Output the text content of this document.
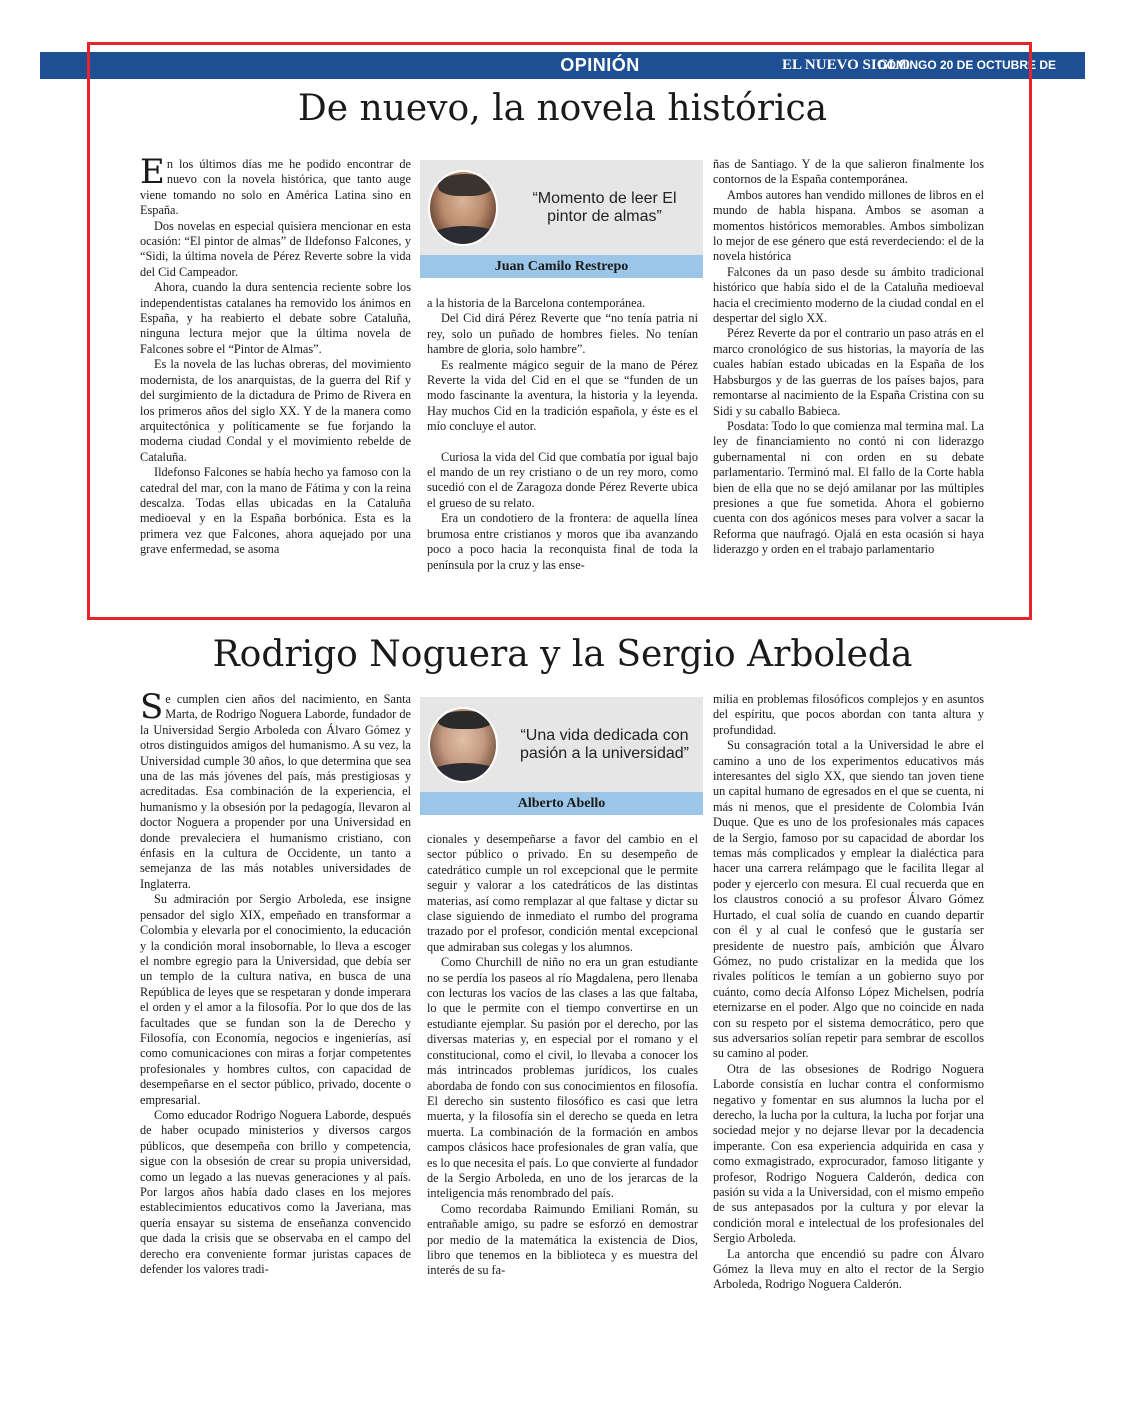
OPINIÓN	EL NUEVO SIGLO
DOMINGO 20 DE OCTUBRE DE 2019
13
De nuevo, la novela histórica

En los últimos días me he podido encontrar de nuevo con la novela histórica, que tanto auge viene tomando no solo en América Latina sino en España.

Dos novelas en especial quisiera mencionar en esta ocasión: “El pintor de almas” de Ildefonso Falcones, y “Sidi, la última novela de Pérez Reverte sobre la vida del Cid Campeador.

Ahora, cuando la dura sentencia reciente sobre los independentistas catalanes ha removido los ánimos en España, y ha reabierto el debate sobre Cataluña, ninguna lectura mejor que la última novela de Falcones sobre el “Pintor de Almas”.

Es la novela de las luchas obreras, del movimiento modernista, de los anarquistas, de la guerra del Rif y del surgimiento de la dictadura de Primo de Rivera en los primeros años del siglo XX. Y de la manera como arquitectónica y políticamente se fue forjando la moderna ciudad Condal y el movimiento rebelde de Cataluña.

Ildefonso Falcones se había hecho ya famoso con la catedral del mar, con la mano de Fátima y con la reina descalza. Todas ellas ubicadas en la Cataluña medioeval y en la España borbónica. Esta es la primera vez que Falcones, ahora aquejado por una grave enfermedad, se asoma

“Momento de leer El pintor de almas”
Juan Camilo Restrepo

a la historia de la Barcelona contemporánea.

Del Cid dirá Pérez Reverte que “no tenía patria ni rey, solo un puñado de hombres fieles. No tenían hambre de gloria, solo hambre”.

Es realmente mágico seguir de la mano de Pérez Reverte la vida del Cid en el que se “funden de un modo fascinante la aventura, la historia y la leyenda. Hay muchos Cid en la tradición española, y éste es el mío concluye el autor.

Curiosa la vida del Cid que combatía por igual bajo el mando de un rey cristiano o de un rey moro, como sucedió con el de Zaragoza donde Pérez Reverte ubica el grueso de su relato.

Era un condotiero de la frontera: de aquella línea brumosa entre cristianos y moros que iba avanzando poco a poco hacia la reconquista final de toda la península por la cruz y las ense-

ñas de Santiago. Y de la que salieron finalmente los contornos de la España contemporánea.

Ambos autores han vendido millones de libros en el mundo de habla hispana. Ambos se asoman a momentos históricos memorables. Ambos simbolizan lo mejor de ese género que está reverdeciendo: el de la novela histórica

Falcones da un paso desde su ámbito tradicional histórico que había sido el de la Cataluña medioeval hacia el crecimiento moderno de la ciudad condal en el despertar del siglo XX.

Pérez Reverte da por el contrario un paso atrás en el marco cronológico de sus historias, la mayoría de las cuales habían estado ubicadas en la España de los Habsburgos y de las guerras de los países bajos, para remontarse al nacimiento de la España Cristina con su Sidi y su caballo Babieca.

Posdata: Todo lo que comienza mal termina mal. La ley de financiamiento no contó ni con liderazgo gubernamental ni con orden en su debate parlamentario. Terminó mal. El fallo de la Corte habla bien de ella que no se dejó amilanar por las múltiples presiones a que fue sometida. Ahora el gobierno cuenta con dos agónicos meses para volver a sacar la Reforma que naufragó. Ojalá en esta ocasión si haya liderazgo y orden en el trabajo parlamentario

Rodrigo Noguera y la Sergio Arboleda

Se cumplen cien años del nacimiento, en Santa Marta, de Rodrigo Noguera Laborde, fundador de la Universidad Sergio Arboleda con Álvaro Gómez y otros distinguidos amigos del humanismo. A su vez, la Universidad cumple 30 años, lo que determina que sea una de las más jóvenes del país, más prestigiosas y acreditadas. Esa combinación de la experiencia, el humanismo y la obsesión por la pedagogía, llevaron al doctor Noguera a propender por una Universidad en donde prevaleciera el humanismo cristiano, con énfasis en la cultura de Occidente, un tanto a semejanza de las más notables universidades de Inglaterra.

Su admiración por Sergio Arboleda, ese insigne pensador del siglo XIX, empeñado en transformar a Colombia y elevarla por el conocimiento, la educación y la condición moral insobornable, lo lleva a escoger el nombre egregio para la Universidad, que debía ser un templo de la cultura nativa, en busca de una República de leyes que se respetaran y donde imperara el orden y el amor a la filosofía. Por lo que dos de las facultades que se fundan son la de Derecho y Filosofía, con Economía, negocios e ingenierías, así como comunicaciones con miras a forjar competentes profesionales y hombres cultos, con capacidad de desempeñarse en el sector público, privado, docente o empresarial.

Como educador Rodrigo Noguera Laborde, después de haber ocupado ministerios y diversos cargos públicos, que desempeña con brillo y competencia, sigue con la obsesión de crear su propia universidad, como un legado a las nuevas generaciones y al país. Por largos años había dado clases en los mejores establecimientos educativos como la Javeriana, mas quería ensayar su sistema de enseñanza convencido que dada la crisis que se observaba en el campo del derecho era conveniente formar juristas capaces de defender los valores tradi-

“Una vida dedicada con pasión a la universidad”
Alberto Abello

cionales y desempeñarse a favor del cambio en el sector público o privado. En su desempeño de catedrático cumple un rol excepcional que le permite seguir y valorar a los catedráticos de las distintas materias, así como remplazar al que faltase y dictar su clase siguiendo de inmediato el rumbo del programa trazado por el profesor, condición mental excepcional que admiraban sus colegas y los alumnos.

Como Churchill de niño no era un gran estudiante no se perdía los paseos al río Magdalena, pero llenaba con lecturas los vacíos de las clases a las que faltaba, lo que le permite con el tiempo convertirse en un estudiante ejemplar. Su pasión por el derecho, por las diversas materias y, en especial por el romano y el constitucional, como el civil, lo llevaba a conocer los más intrincados problemas jurídicos, los cuales abordaba de fondo con sus conocimientos en filosofía. El derecho sin sustento filosófico es casi que letra muerta, y la filosofía sin el derecho se queda en letra muerta. La combinación de la formación en ambos campos clásicos hace profesionales de gran valía, que es lo que necesita el país. Lo que convierte al fundador de la Sergio Arboleda, en uno de los jerarcas de la inteligencia más renombrado del país.

Como recordaba Raimundo Emiliani Román, su entrañable amigo, su padre se esforzó en demostrar por medio de la matemática la existencia de Dios, libro que tenemos en la biblioteca y es muestra del interés de su fa-

milia en problemas filosóficos complejos y en asuntos del espíritu, que pocos abordan con tanta altura y profundidad.

Su consagración total a la Universidad le abre el camino a uno de los experimentos educativos más interesantes del siglo XX, que siendo tan joven tiene un capital humano de egresados en el que se cuenta, ni más ni menos, que el presidente de Colombia Iván Duque. Que es uno de los profesionales más capaces de la Sergio, famoso por su capacidad de abordar los temas más complicados y emplear la dialéctica para hacer una carrera relámpago que le facilita llegar al poder y ejercerlo con mesura. El cual recuerda que en los claustros conoció a su profesor Álvaro Gómez Hurtado, el cual solía de cuando en cuando departir con él y al cual le confesó que le gustaría ser presidente de nuestro país, ambición que Álvaro Gómez, no pudo cristalizar en la medida que los rivales políticos le temían a un gobierno suyo por cuánto, como decía Alfonso López Michelsen, podría eternizarse en el poder. Algo que no coincide en nada con su respeto por el sistema democrático, pero que sus adversarios solían repetir para sembrar de escollos su camino al poder.

Otra de las obsesiones de Rodrigo Noguera Laborde consistía en luchar contra el conformismo negativo y fomentar en sus alumnos la lucha por el derecho, la lucha por la cultura, la lucha por forjar una sociedad mejor y no dejarse llevar por la decadencia imperante. Con esa experiencia adquirida en casa y como exmagistrado, exprocurador, famoso litigante y profesor, Rodrigo Noguera Calderón, dedica con pasión su vida a la Universidad, con el mismo empeño de sus antepasados por la cultura y por elevar la condición moral e intelectual de los profesionales del Sergio Arboleda.

La antorcha que encendió su padre con Álvaro Gómez la lleva muy en alto el rector de la Sergio Arboleda, Rodrigo Noguera Calderón.
